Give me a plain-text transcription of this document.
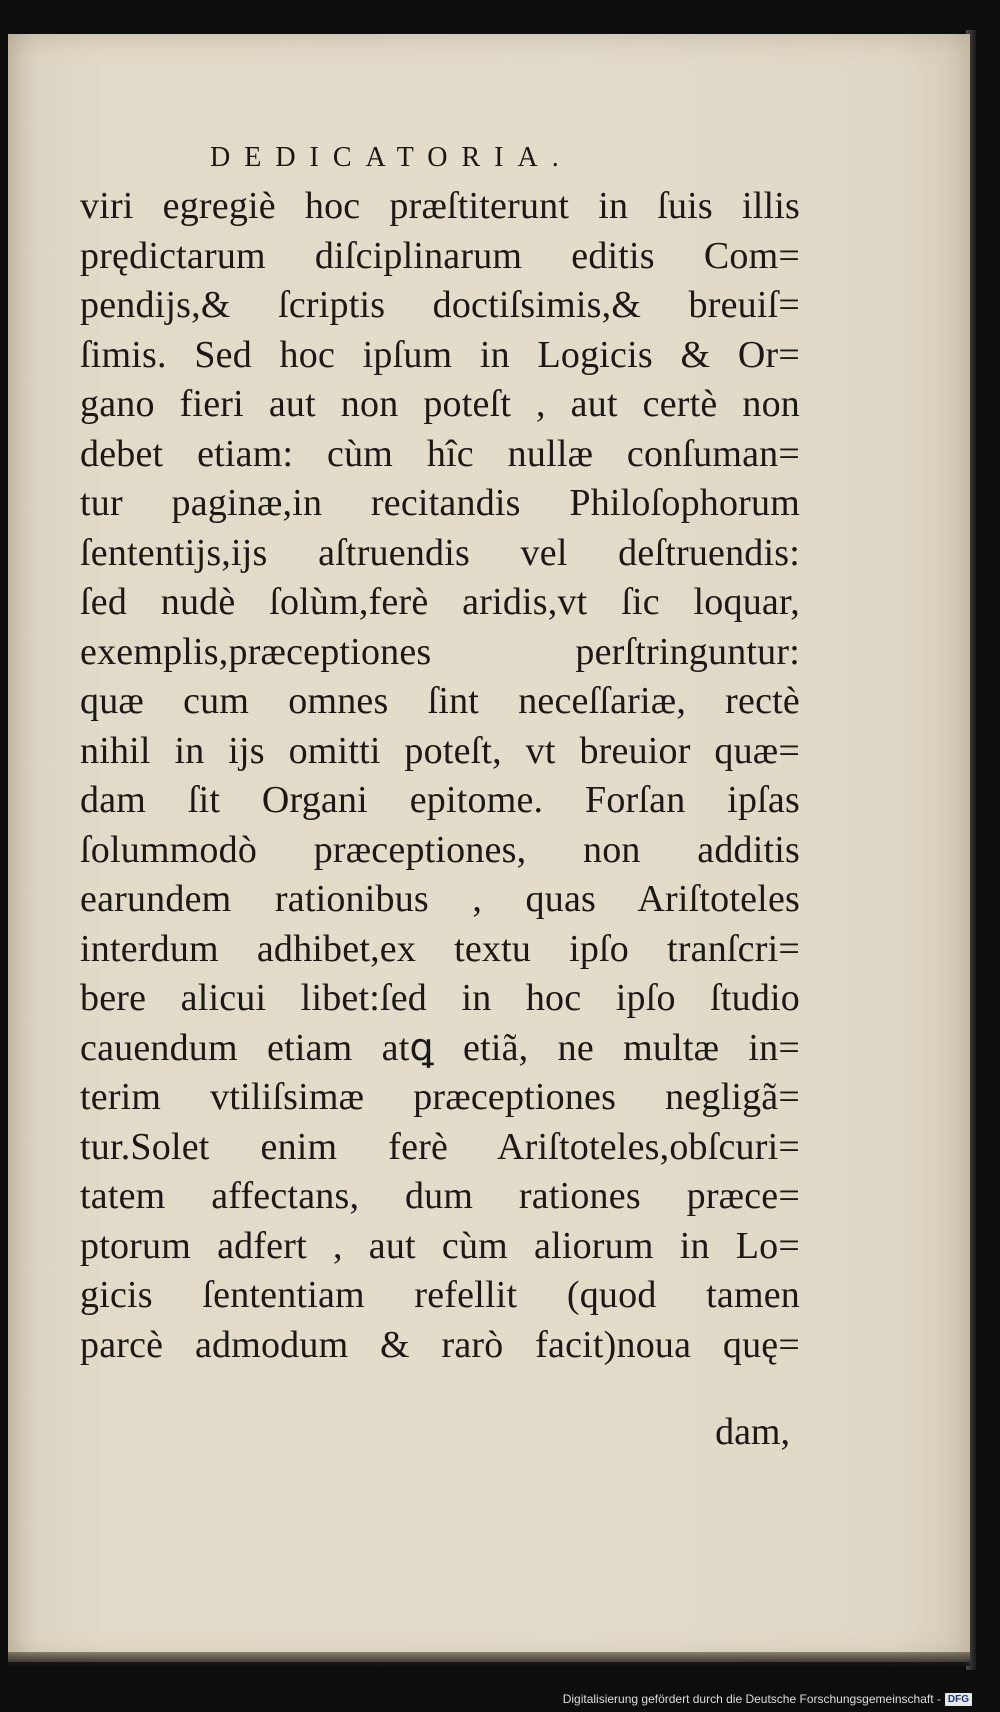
DEDICATORIA.
viri egregiè hoc præſtiterunt in ſuis illis
prędictarum diſciplinarum editis Com=
pendijs,& ſcriptis doctiſsimis,& breuiſ=
ſimis. Sed hoc ipſum in Logicis & Or=
gano fieri aut non poteſt , aut certè non
debet etiam: cùm hîc nullæ conſuman=
tur paginæ,in recitandis Philoſophorum
ſententijs,ijs aſtruendis vel deſtruendis:
ſed nudè ſolùm,ferè aridis,vt ſic loquar,
exemplis,præceptiones perſtringuntur:
quæ cum omnes ſint neceſſariæ, rectè
nihil in ijs omitti poteſt, vt breuior quæ=
dam ſit Organi epitome. Forſan ipſas
ſolummodò præceptiones, non additis
earundem rationibus , quas Ariſtoteles
interdum adhibet,ex textu ipſo tranſcri=
bere alicui libet:ſed in hoc ipſo ſtudio
cauendum etiam atꝗ etiã, ne multæ in=
terim vtiliſsimæ præceptiones negligã=
tur.Solet enim ferè Ariſtoteles,obſcuri=
tatem affectans, dum rationes præce=
ptorum adfert , aut cùm aliorum in Lo=
gicis ſententiam refellit (quod tamen
parcè admodum & rarò facit)noua quę=
dam,
Digitalisierung gefördert durch die Deutsche Forschungsgemeinschaft - DFG
